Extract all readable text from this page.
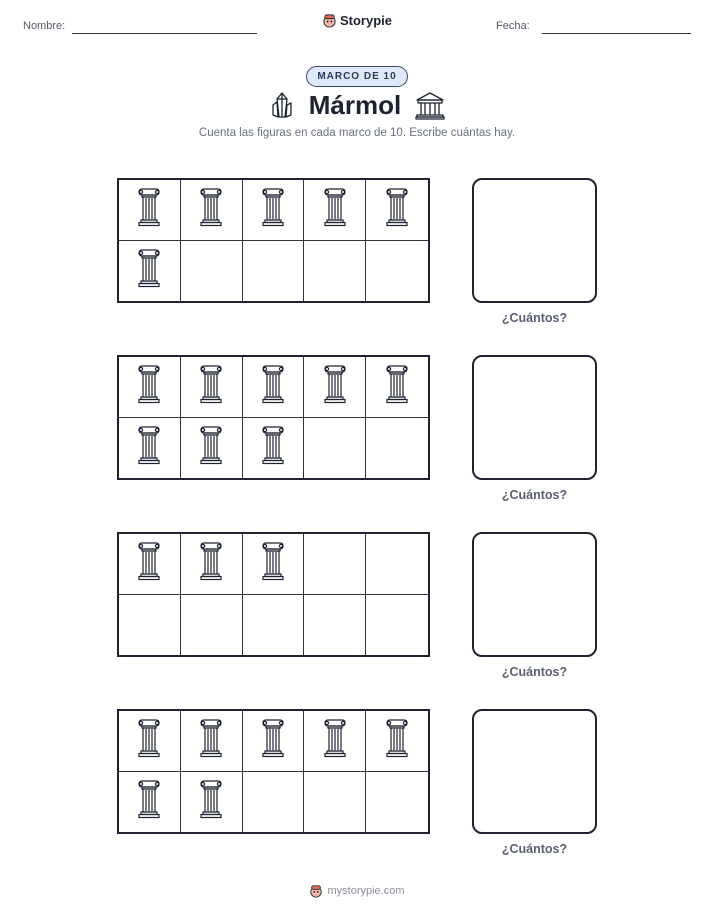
Nombre:	Storypie	Fecha:
MARCO DE 10
Mármol
Cuenta las figuras en cada marco de 10. Escribe cuántas hay.
¿Cuántos?
¿Cuántos?
¿Cuántos?
¿Cuántos?
mystorypie.com
